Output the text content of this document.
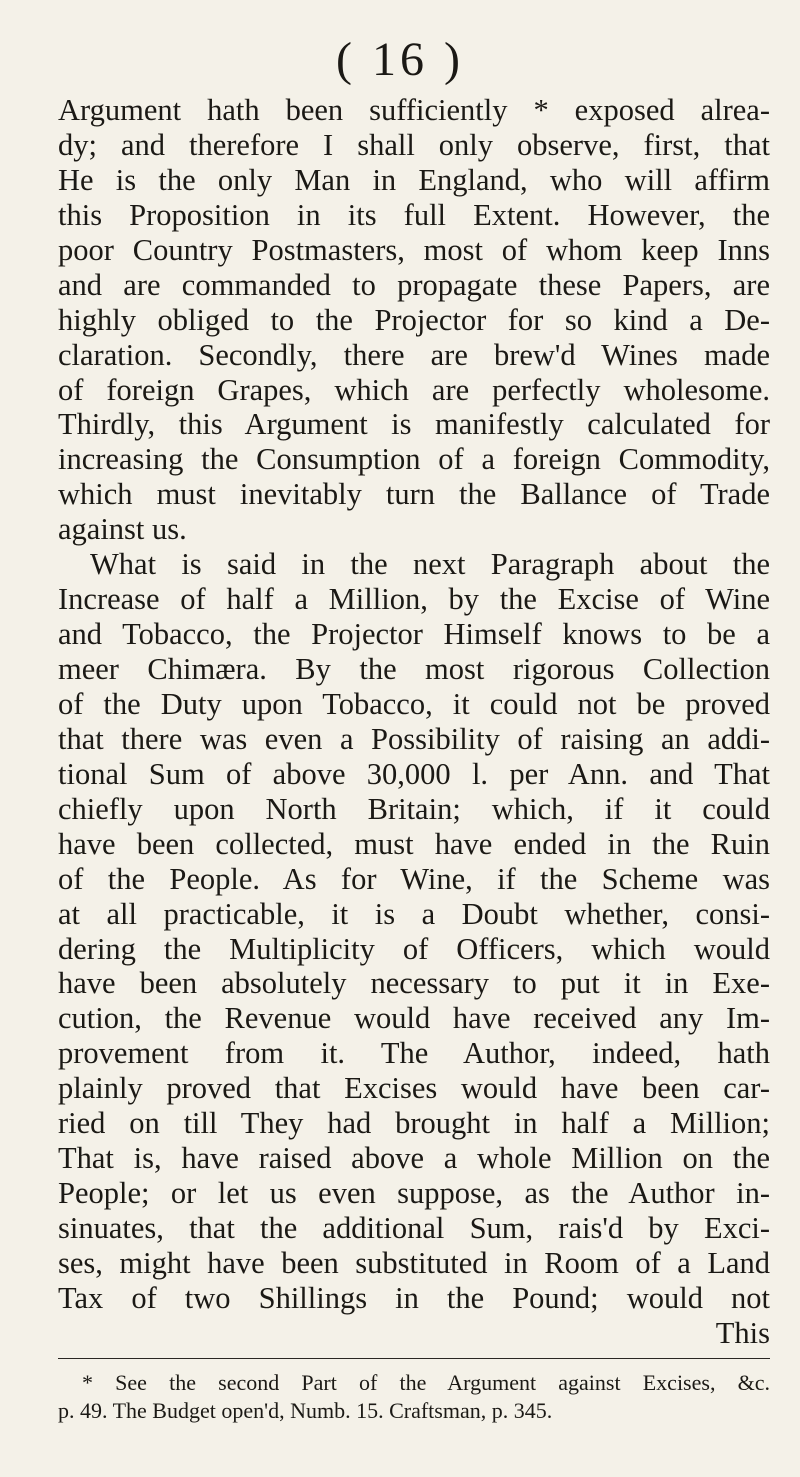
( 16 )
Argument hath been sufficiently * exposed alrea-
dy; and therefore I shall only observe, first, that
He is the only Man in England, who will affirm
this Proposition in its full Extent. However, the
poor Country Postmasters, most of whom keep Inns
and are commanded to propagate these Papers, are
highly obliged to the Projector for so kind a De-
claration. Secondly, there are brew'd Wines made
of foreign Grapes, which are perfectly wholesome.
Thirdly, this Argument is manifestly calculated for
increasing the Consumption of a foreign Commodity,
which must inevitably turn the Ballance of Trade
against us.
What is said in the next Paragraph about the
Increase of half a Million, by the Excise of Wine
and Tobacco, the Projector Himself knows to be a
meer Chimæra. By the most rigorous Collection
of the Duty upon Tobacco, it could not be proved
that there was even a Possibility of raising an addi-
tional Sum of above 30,000 l. per Ann. and That
chiefly upon North Britain; which, if it could
have been collected, must have ended in the Ruin
of the People. As for Wine, if the Scheme was
at all practicable, it is a Doubt whether, consi-
dering the Multiplicity of Officers, which would
have been absolutely necessary to put it in Exe-
cution, the Revenue would have received any Im-
provement from it. The Author, indeed, hath
plainly proved that Excises would have been car-
ried on till They had brought in half a Million;
That is, have raised above a whole Million on the
People; or let us even suppose, as the Author in-
sinuates, that the additional Sum, rais'd by Exci-
ses, might have been substituted in Room of a Land
Tax of two Shillings in the Pound; would not
This
* See the second Part of the Argument against Excises, &c.
p. 49. The Budget open'd, Numb. 15. Craftsman, p. 345.
